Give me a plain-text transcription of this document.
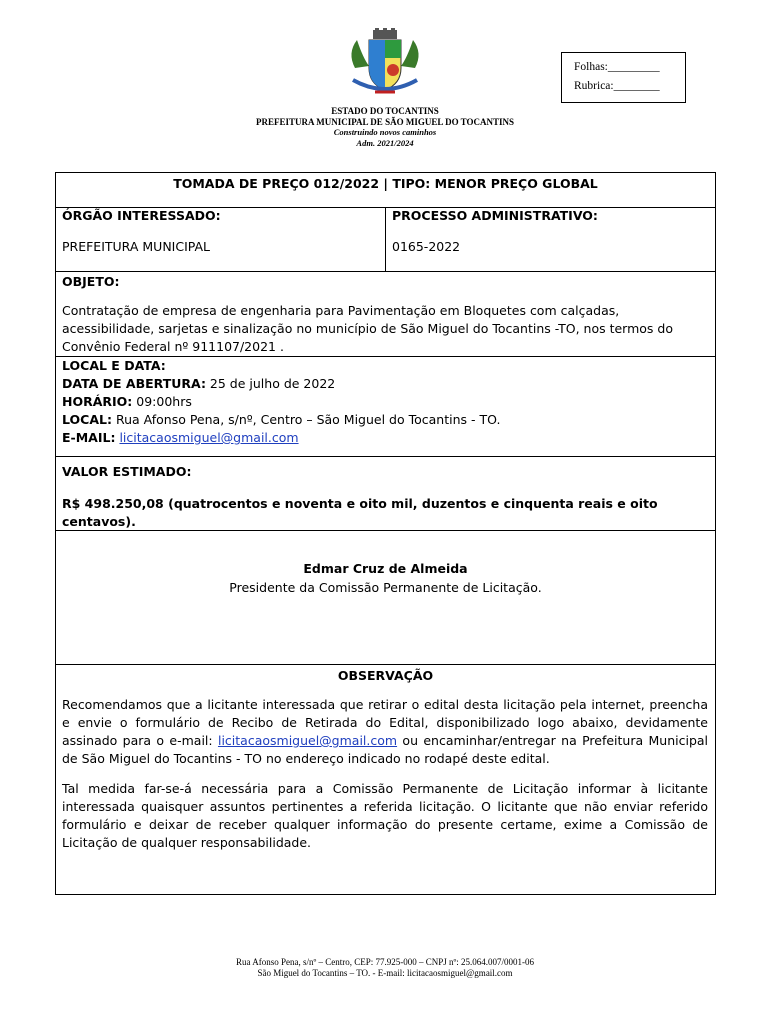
Folhas:_________
Rubrica:________
ESTADO DO TOCANTINS
PREFEITURA MUNICIPAL DE SÃO MIGUEL DO TOCANTINS
Construindo novos caminhos
Adm. 2021/2024
TOMADA DE PREÇO 012/2022 | TIPO: MENOR PREÇO GLOBAL
ÓRGÃO INTERESSADO:
PREFEITURA MUNICIPAL
PROCESSO ADMINISTRATIVO:
0165-2022
OBJETO:
Contratação de empresa de engenharia para Pavimentação em Bloquetes com calçadas, acessibilidade, sarjetas e sinalização no município de São Miguel do Tocantins -TO, nos termos do Convênio Federal nº 911107/2021 .
LOCAL E DATA:
DATA DE ABERTURA: 25 de julho de 2022
HORÁRIO: 09:00hrs
LOCAL: Rua Afonso Pena, s/nº, Centro – São Miguel do Tocantins - TO.
E-MAIL: licitacaosmiguel@gmail.com
VALOR ESTIMADO:
R$ 498.250,08 (quatrocentos e noventa e oito mil, duzentos e cinquenta reais e oito centavos).
Edmar Cruz de Almeida
Presidente da Comissão Permanente de Licitação.
OBSERVAÇÃO
Recomendamos que a licitante interessada que retirar o edital desta licitação pela internet, preencha e envie o formulário de Recibo de Retirada do Edital, disponibilizado logo abaixo, devidamente assinado para o e-mail: licitacaosmiguel@gmail.com ou encaminhar/entregar na Prefeitura Municipal de São Miguel do Tocantins - TO no endereço indicado no rodapé deste edital.
Tal medida far-se-á necessária para a Comissão Permanente de Licitação informar à licitante interessada quaisquer assuntos pertinentes a referida licitação. O licitante que não enviar referido formulário e deixar de receber qualquer informação do presente certame, exime a Comissão de Licitação de qualquer responsabilidade.
Rua Afonso Pena, s/nº – Centro, CEP: 77.925-000 – CNPJ nº: 25.064.007/0001-06
São Miguel do Tocantins – TO. - E-mail: licitacaosmiguel@gmail.com
